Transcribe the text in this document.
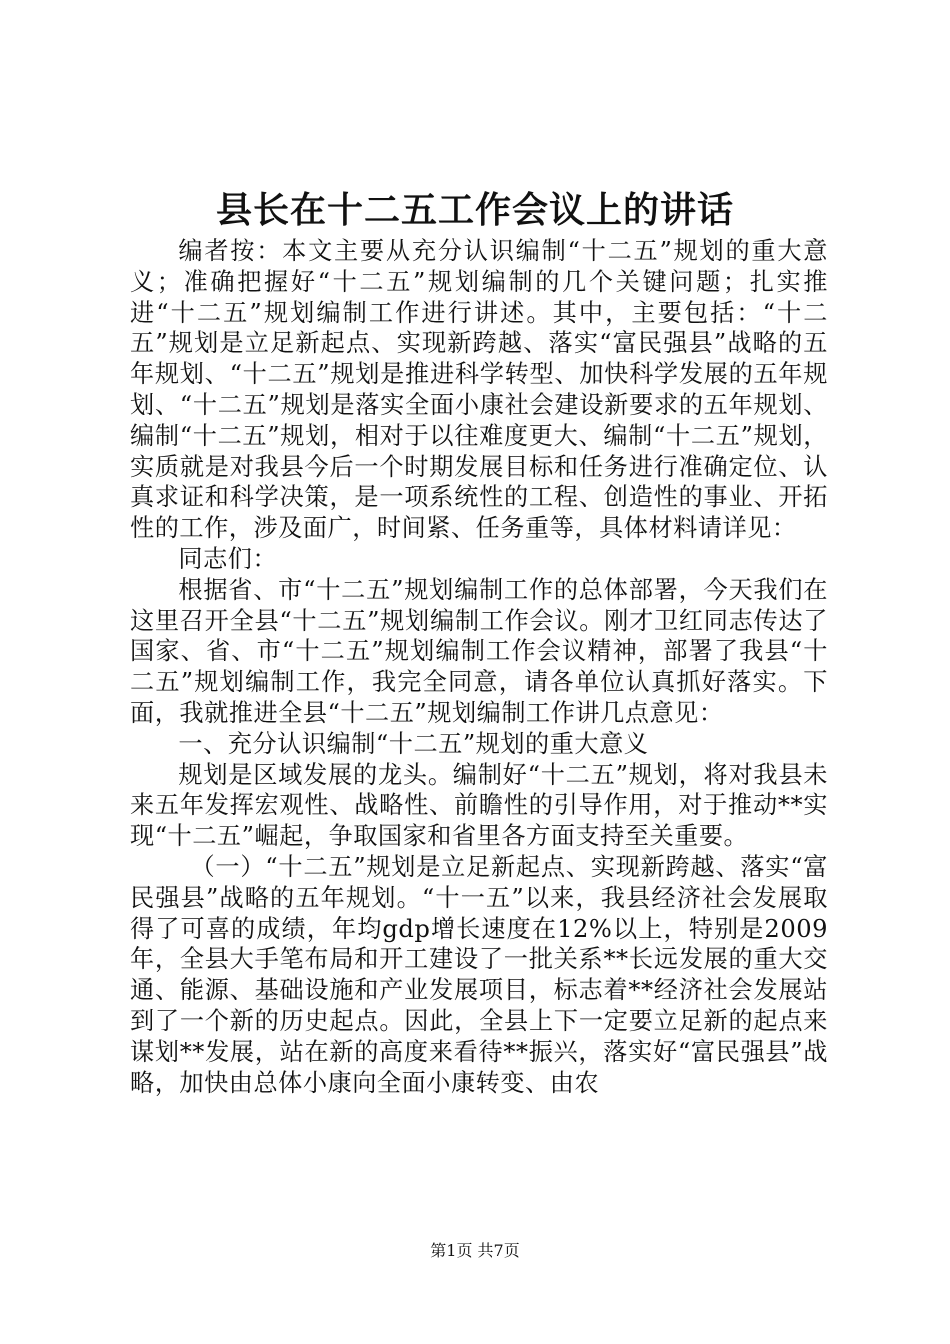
县长在十二五工作会议上的讲话

编者按：本文主要从充分认识编制“十二五”规划的重大意义；准确把握好“十二五”规划编制的几个关键问题；扎实推进“十二五”规划编制工作进行讲述。其中，主要包括：“十二五”规划是立足新起点、实现新跨越、落实“富民强县”战略的五年规划、“十二五”规划是推进科学转型、加快科学发展的五年规划、“十二五”规划是落实全面小康社会建设新要求的五年规划、编制“十二五”规划，相对于以往难度更大、编制“十二五”规划，实质就是对我县今后一个时期发展目标和任务进行准确定位、认真求证和科学决策，是一项系统性的工程、创造性的事业、开拓性的工作，涉及面广，时间紧、任务重等，具体材料请详见：

同志们：

根据省、市“十二五”规划编制工作的总体部署，今天我们在这里召开全县“十二五”规划编制工作会议。刚才卫红同志传达了国家、省、市“十二五”规划编制工作会议精神，部署了我县“十二五”规划编制工作，我完全同意，请各单位认真抓好落实。下面，我就推进全县“十二五”规划编制工作讲几点意见：

一、充分认识编制“十二五”规划的重大意义

规划是区域发展的龙头。编制好“十二五”规划，将对我县未来五年发挥宏观性、战略性、前瞻性的引导作用，对于推动**实现“十二五”崛起，争取国家和省里各方面支持至关重要。

（一）“十二五”规划是立足新起点、实现新跨越、落实“富民强县”战略的五年规划。“十一五”以来，我县经济社会发展取得了可喜的成绩，年均gdp增长速度在12%以上，特别是2009年，全县大手笔布局和开工建设了一批关系**长远发展的重大交通、能源、基础设施和产业发展项目，标志着**经济社会发展站到了一个新的历史起点。因此，全县上下一定要立足新的起点来谋划**发展，站在新的高度来看待**振兴，落实好“富民强县”战略，加快由总体小康向全面小康转变、由农

第1页 共7页
